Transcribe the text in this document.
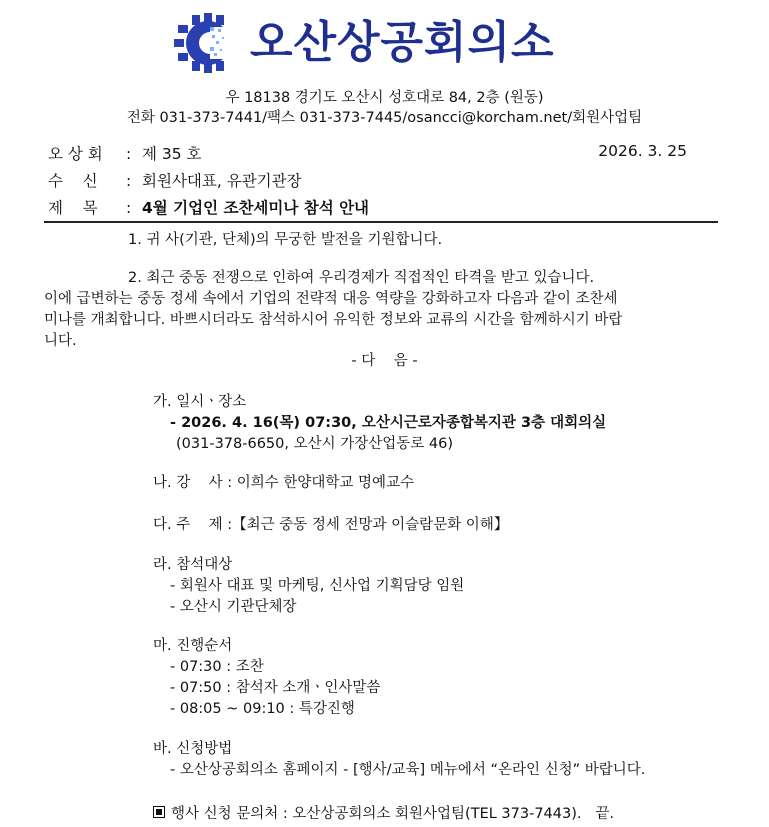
오산상공회의소
우 18138 경기도 오산시 성호대로 84, 2층 (원동)
전화 031-373-7441/팩스 031-373-7445/osancci@korcham.net/회원사업팀
오 상 회 : 제 35 호	2026. 3. 25
수    신 : 회원사대표, 유관기관장
제    목 : 4월 기업인 조찬세미나 참석 안내
1. 귀 사(기관, 단체)의 무궁한 발전을 기원합니다.
2. 최근 중동 전쟁으로 인하여 우리경제가 직접적인 타격을 받고 있습니다.
이에 급변하는 중동 정세 속에서 기업의 전략적 대응 역량을 강화하고자 다음과 같이 조찬세
미나를 개최합니다. 바쁘시더라도 참석하시어 유익한 정보와 교류의 시간을 함께하시기 바랍
니다.
- 다    음 -
가. 일시ㆍ장소
- 2026. 4. 16(목) 07:30, 오산시근로자종합복지관 3층 대회의실
(031-378-6650, 오산시 가장산업동로 46)
나. 강    사 : 이희수 한양대학교 명예교수
다. 주    제 :【최근 중동 정세 전망과 이슬람문화 이해】
라. 참석대상
- 회원사 대표 및 마케팅, 신사업 기획담당 임원
- 오산시 기관단체장
마. 진행순서
- 07:30 : 조찬
- 07:50 : 참석자 소개ㆍ인사말씀
- 08:05 ~ 09:10 : 특강진행
바. 신청방법
- 오산상공회의소 홈페이지 - [행사/교육] 메뉴에서 “온라인 신청” 바랍니다.
행사 신청 문의처 : 오산상공회의소 회원사업팀(TEL 373-7443).   끝.
